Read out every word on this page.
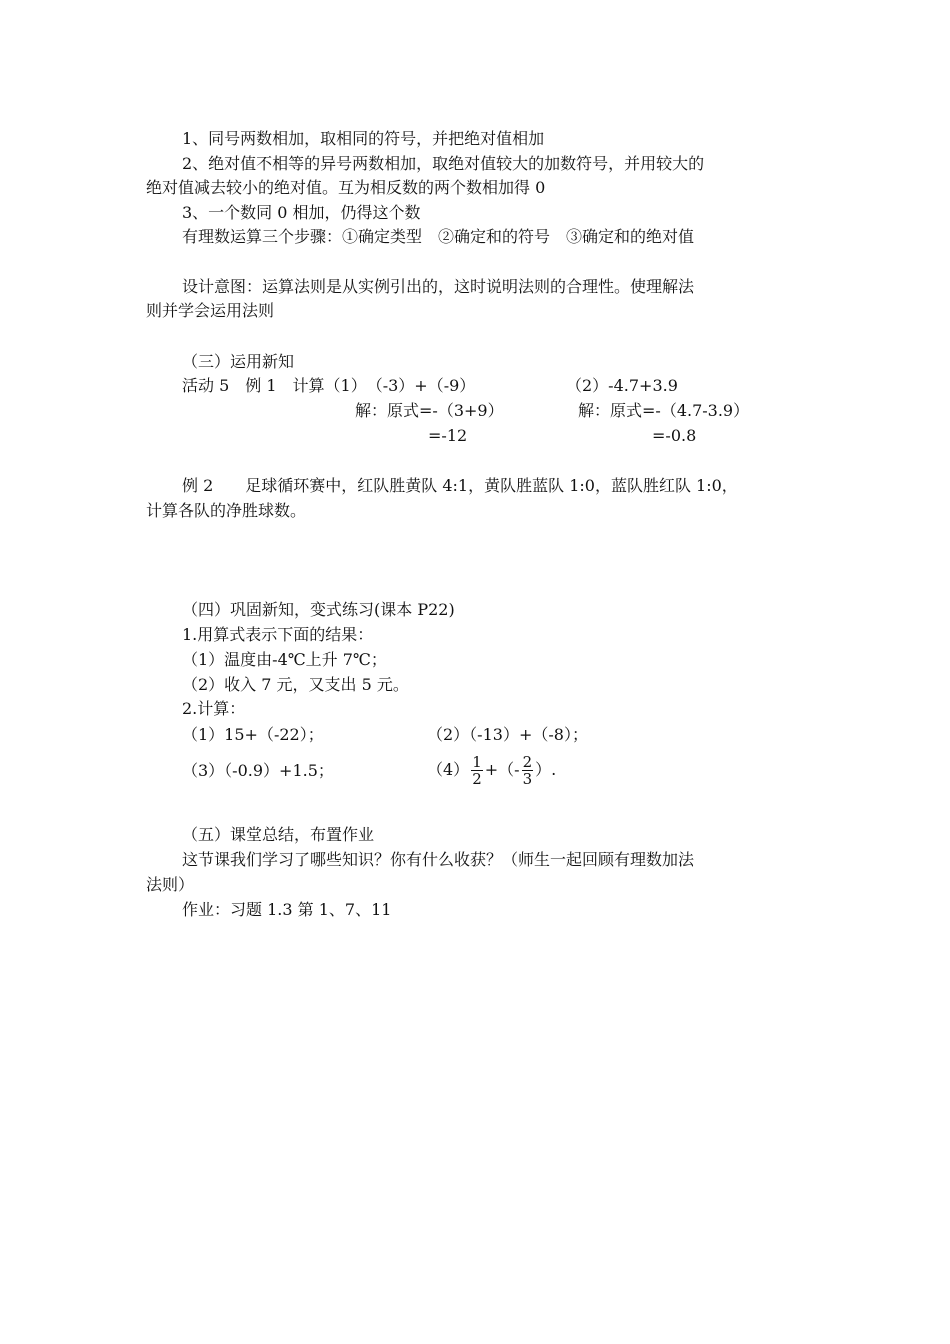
1、同号两数相加，取相同的符号，并把绝对值相加
2、绝对值不相等的异号两数相加，取绝对值较大的加数符号，并用较大的
绝对值减去较小的绝对值。互为相反数的两个数相加得 0
3、一个数同 0 相加，仍得这个数
有理数运算三个步骤：①确定类型　②确定和的符号　③确定和的绝对值
设计意图：运算法则是从实例引出的，这时说明法则的合理性。使理解法
则并学会运用法则
（三）运用新知
活动 5　例 1　计算（1）　（-3）+（-9）	（2）-4.7+3.9
解：原式=-（3+9）	解：原式=-（4.7-3.9）
=-12	=-0.8
例 2　　足球循环赛中，红队胜黄队 4:1，黄队胜蓝队 1:0，蓝队胜红队 1:0，
计算各队的净胜球数。
（四）巩固新知，变式练习(课本 P22)
1.用算式表示下面的结果：
（1）温度由-4℃上升 7℃；
（2）收入 7 元，又支出 5 元。
2.计算：
（1）15+（-22）；	（2）（-13）+（-8）；
（3）（-0.9）+1.5；	$(4) \frac{1}{2}$ +（- $\frac{2}{3}$ ）.
（五）课堂总结，布置作业
这节课我们学习了哪些知识？你有什么收获？（师生一起回顾有理数加法
法则）
作业：习题 1.3 第 1、7、11
